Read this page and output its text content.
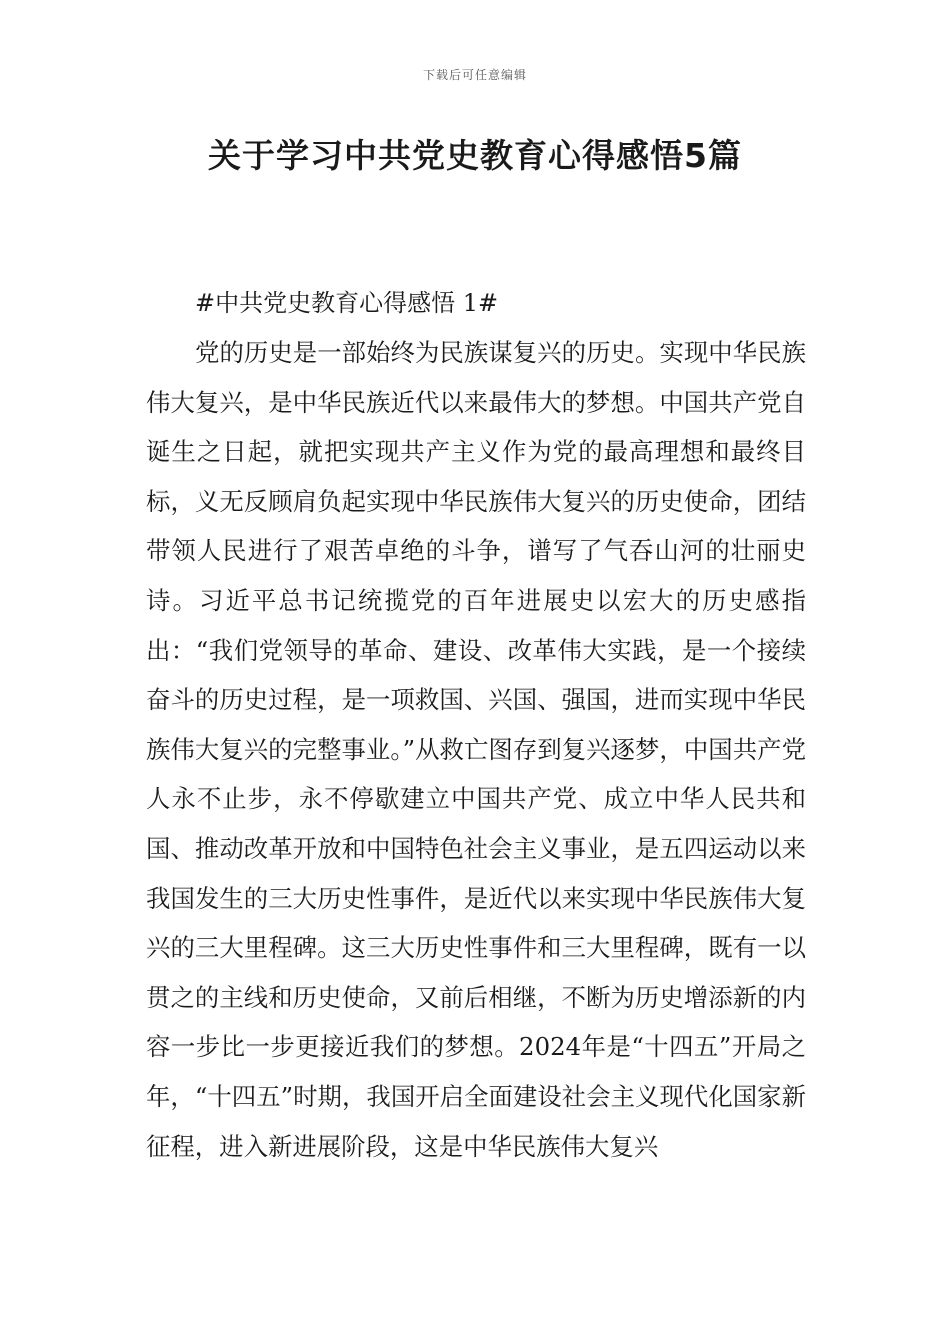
下载后可任意编辑
关于学习中共党史教育心得感悟5篇
#中共党史教育心得感悟 1#

党的历史是一部始终为民族谋复兴的历史。实现中华民族伟大复兴，是中华民族近代以来最伟大的梦想。中国共产党自诞生之日起，就把实现共产主义作为党的最高理想和最终目标，义无反顾肩负起实现中华民族伟大复兴的历史使命，团结带领人民进行了艰苦卓绝的斗争，谱写了气吞山河的壮丽史诗。习近平总书记统揽党的百年进展史以宏大的历史感指出：“我们党领导的革命、建设、改革伟大实践，是一个接续奋斗的历史过程，是一项救国、兴国、强国，进而实现中华民族伟大复兴的完整事业。”从救亡图存到复兴逐梦，中国共产党人永不止步，永不停歇建立中国共产党、成立中华人民共和国、推动改革开放和中国特色社会主义事业，是五四运动以来我国发生的三大历史性事件，是近代以来实现中华民族伟大复兴的三大里程碑。这三大历史性事件和三大里程碑，既有一以贯之的主线和历史使命，又前后相继，不断为历史增添新的内容一步比一步更接近我们的梦想。2024年是“十四五”开局之年，“十四五”时期，我国开启全面建设社会主义现代化国家新征程，进入新进展阶段，这是中华民族伟大复兴
